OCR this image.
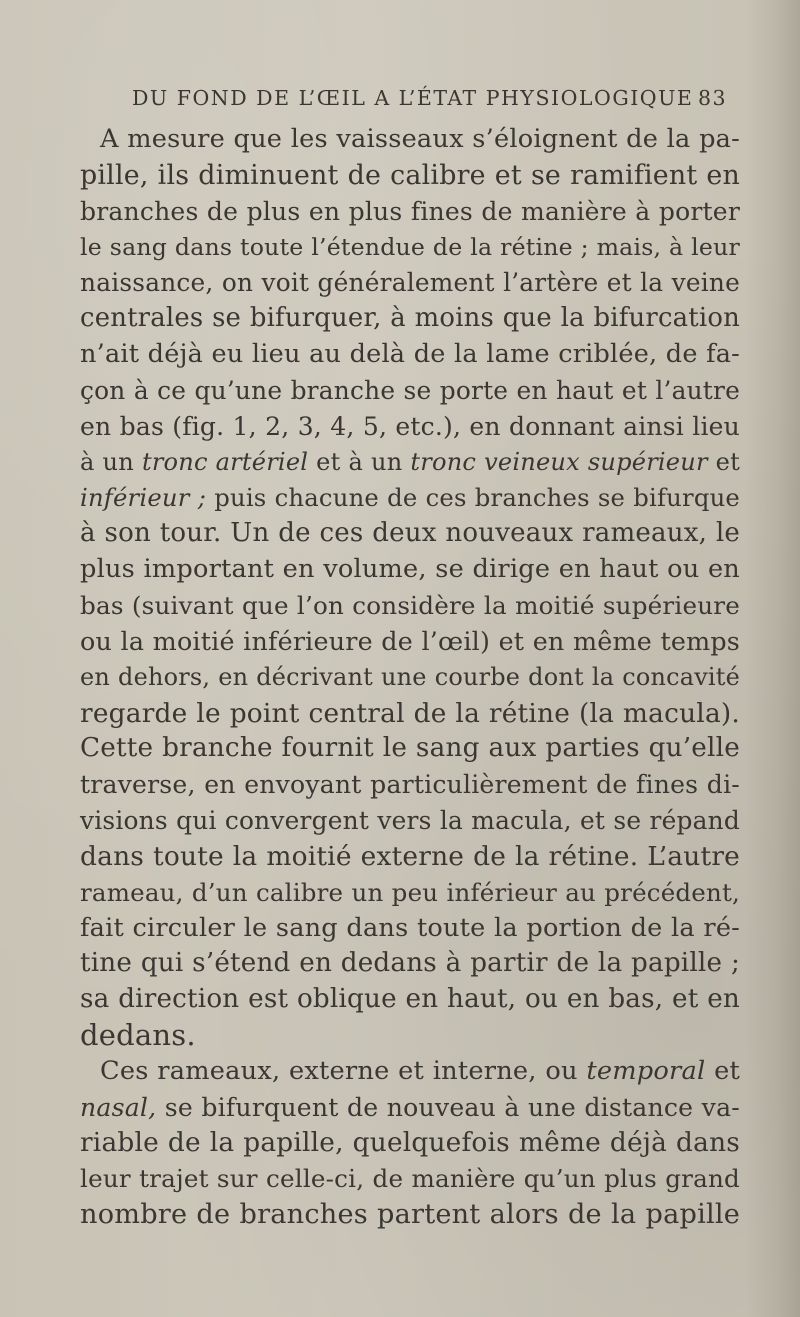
DU FOND DE L’ŒIL A L’ÉTAT PHYSIOLOGIQUE 83
A mesure que les vaisseaux s’éloignent de la pa-
pille, ils diminuent de calibre et se ramifient en
branches de plus en plus fines de manière à porter
le sang dans toute l’étendue de la rétine ; mais, à leur
naissance, on voit généralement l’artère et la veine
centrales se bifurquer, à moins que la bifurcation
n’ait déjà eu lieu au delà de la lame criblée, de fa-
çon à ce qu’une branche se porte en haut et l’autre
en bas (fig. 1, 2, 3, 4, 5, etc.), en donnant ainsi lieu
à un tronc artériel et à un tronc veineux supérieur et
inférieur ; puis chacune de ces branches se bifurque
à son tour. Un de ces deux nouveaux rameaux, le
plus important en volume, se dirige en haut ou en
bas (suivant que l’on considère la moitié supérieure
ou la moitié inférieure de l’œil) et en même temps
en dehors, en décrivant une courbe dont la concavité
regarde le point central de la rétine (la macula).
Cette branche fournit le sang aux parties qu’elle
traverse, en envoyant particulièrement de fines di-
visions qui convergent vers la macula, et se répand
dans toute la moitié externe de la rétine. L’autre
rameau, d’un calibre un peu inférieur au précédent,
fait circuler le sang dans toute la portion de la ré-
tine qui s’étend en dedans à partir de la papille ;
sa direction est oblique en haut, ou en bas, et en
dedans.
Ces rameaux, externe et interne, ou temporal et
nasal, se bifurquent de nouveau à une distance va-
riable de la papille, quelquefois même déjà dans
leur trajet sur celle-ci, de manière qu’un plus grand
nombre de branches partent alors de la papille
